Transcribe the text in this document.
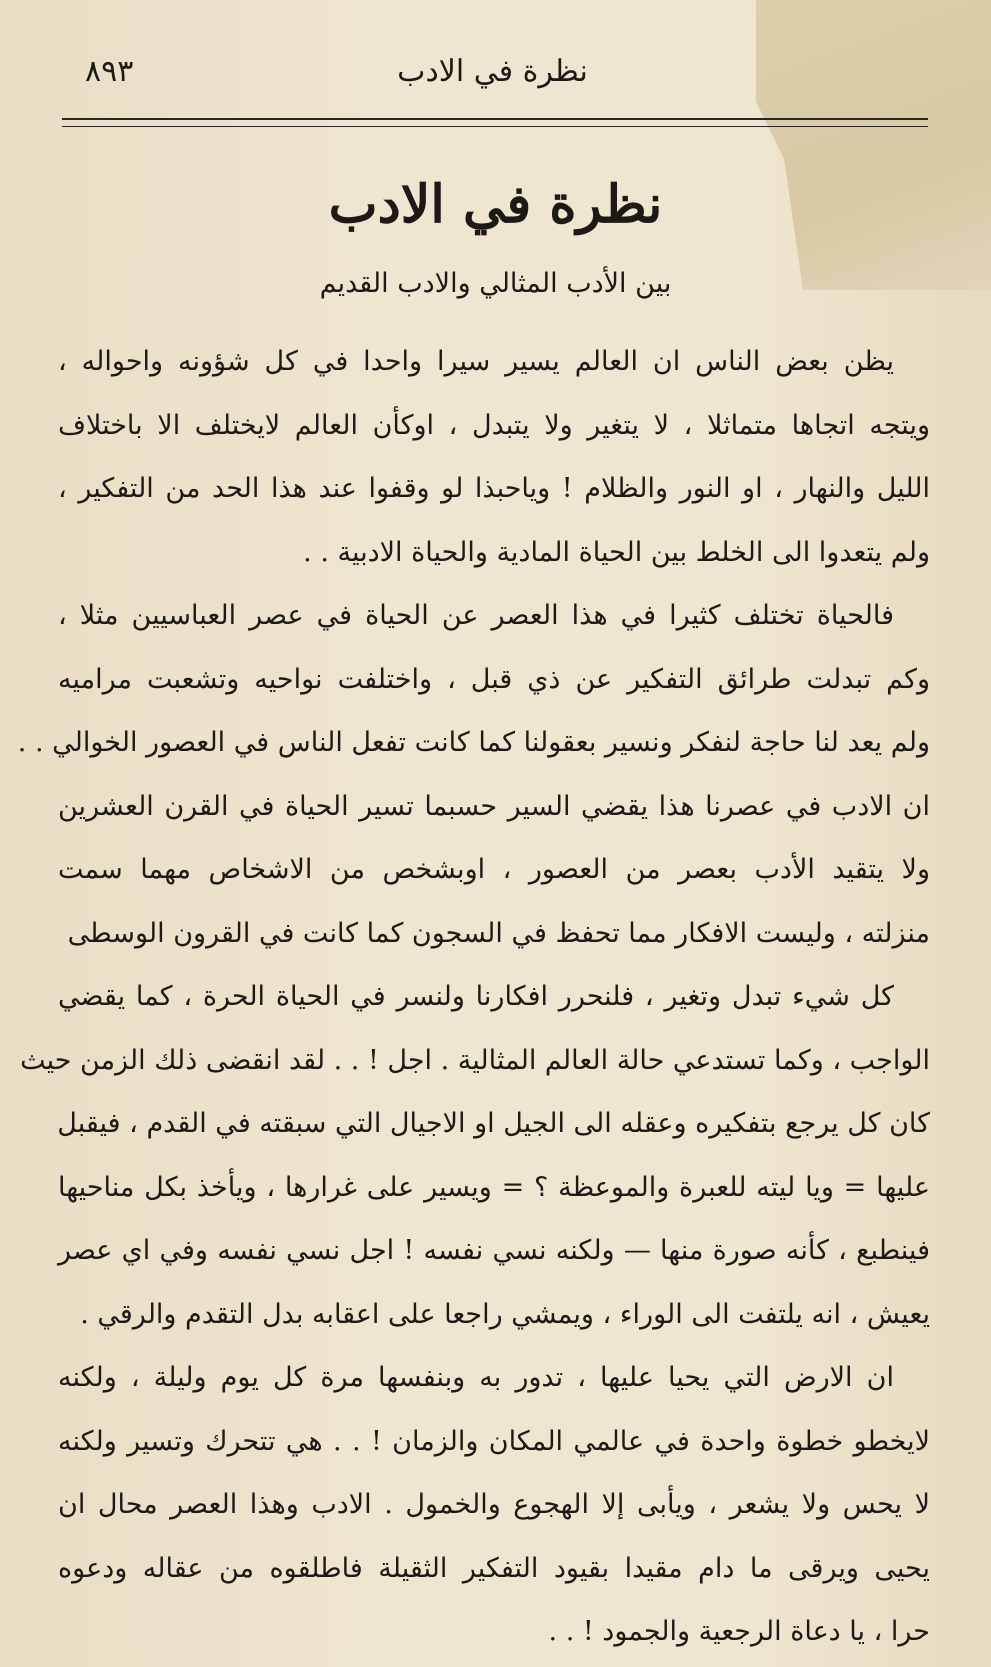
نظرة في الادب
٨٩٣
نظرة في الادب
بين الأدب المثالي والادب القديم
يظن بعض الناس ان العالم يسير سيرا واحدا في كل شؤونه واحواله ،
ويتجه اتجاها متماثلا ، لا يتغير ولا يتبدل ، اوكأن العالم لايختلف الا باختلاف
الليل والنهار ، او النور والظلام ! وياحبذا لو وقفوا عند هذا الحد من التفكير ،
ولم يتعدوا الى الخلط بين الحياة المادية والحياة الادبية . .
فالحياة تختلف كثيرا في هذا العصر عن الحياة في عصر العباسيين مثلا ،
وكم تبدلت طرائق التفكير عن ذي قبل ، واختلفت نواحيه وتشعبت مراميه
ولم يعد لنا حاجة لنفكر ونسير بعقولنا كما كانت تفعل الناس في العصور الخوالي . .
ان الادب في عصرنا هذا يقضي السير حسبما تسير الحياة في القرن العشرين
ولا يتقيد الأدب بعصر من العصور ، اوبشخص من الاشخاص مهما سمت
منزلته ، وليست الافكار مما تحفظ في السجون كما كانت في القرون الوسطى
كل شيء تبدل وتغير ، فلنحرر افكارنا ولنسر في الحياة الحرة ، كما يقضي
الواجب ، وكما تستدعي حالة العالم المثالية . اجل ! . . لقد انقضى ذلك الزمن حيث
كان كل يرجع بتفكيره وعقله الى الجيل او الاجيال التي سبقته في القدم ، فيقبل
عليها = ويا ليته للعبرة والموعظة ؟ = ويسير على غرارها ، ويأخذ بكل مناحيها
فينطبع ، كأنه صورة منها — ولكنه نسي نفسه ! اجل نسي نفسه وفي اي عصر
يعيش ، انه يلتفت الى الوراء ، ويمشي راجعا على اعقابه بدل التقدم والرقي .
ان الارض التي يحيا عليها ، تدور به وبنفسها مرة كل يوم وليلة ، ولكنه
لايخطو خطوة واحدة في عالمي المكان والزمان ! . . هي تتحرك وتسير ولكنه
لا يحس ولا يشعر ، ويأبى إلا الهجوع والخمول . الادب وهذا العصر محال ان
يحيى ويرقى ما دام مقيدا بقيود التفكير الثقيلة فاطلقوه من عقاله ودعوه
حرا ، يا دعاة الرجعية والجمود ! . .
